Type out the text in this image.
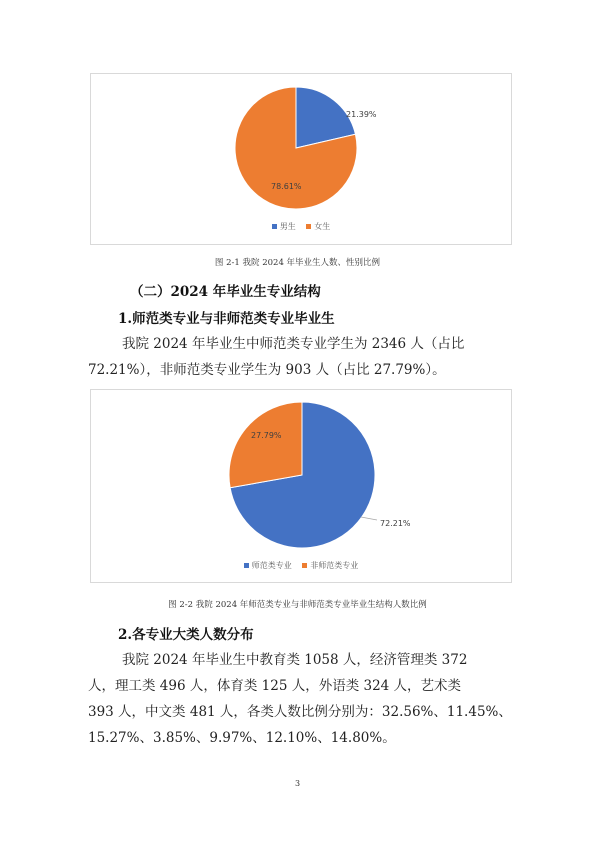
21.39%
78.61%
男生 女生
图 2-1 我院 2024 年毕业生人数、性别比例
（二）2024 年毕业生专业结构
1.师范类专业与非师范类专业毕业生
我院 2024 年毕业生中师范类专业学生为 2346 人（占比
72.21%），非师范类专业学生为 903 人（占比 27.79%）。
72.21%
27.79%
师范类专业 非师范类专业
图 2-2 我院 2024 年师范类专业与非师范类专业毕业生结构人数比例
2.各专业大类人数分布
我院 2024 年毕业生中教育类 1058 人，经济管理类 372
人，理工类 496 人，体育类 125 人，外语类 324 人，艺术类
393 人，中文类 481 人，各类人数比例分别为：32.56%、11.45%、
15.27%、3.85%、9.97%、12.10%、14.80%。
3
